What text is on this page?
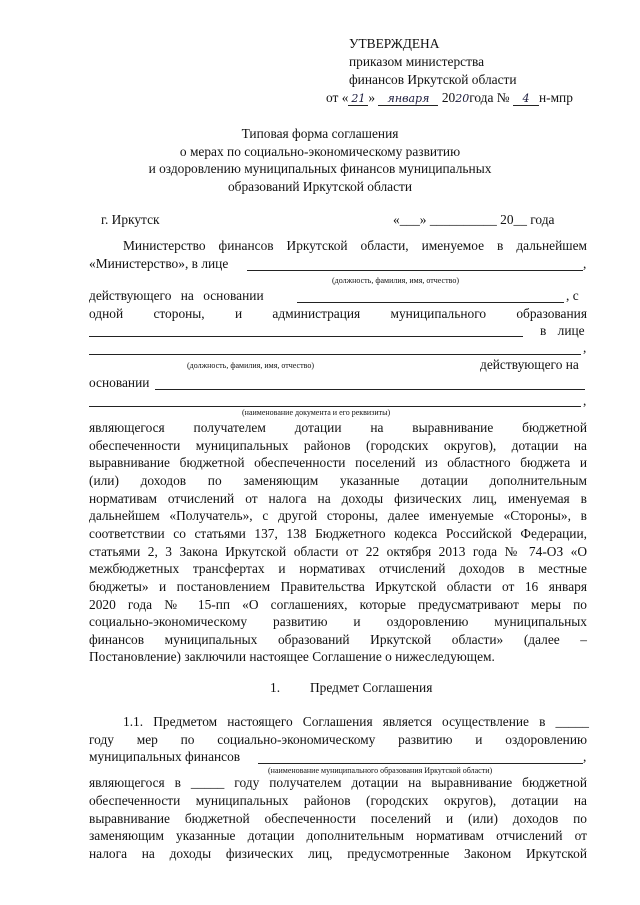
УТВЕРЖДЕНА
приказом министерства
финансов Иркутской области
от « 21 » января 2020года № 4 н-мпр
Типовая форма соглашения
о мерах по социально-экономическому развитию
и оздоровлению муниципальных финансов муниципальных
образований Иркутской области
г. Иркутск	«___» __________ 20__ года
Министерство финансов Иркутской области, именуемое в дальнейшем
«Министерство», в лице	,
(должность, фамилия, имя, отчество)
действующего на основании	, с
одной стороны, и администрация муниципального образования
в лице
,
(должность, фамилия, имя, отчество)	действующего на
основании
,
(наименование документа и его реквизиты)
являющегося получателем дотации на выравнивание бюджетной
обеспеченности муниципальных районов (городских округов), дотации на
выравнивание бюджетной обеспеченности поселений из областного бюджета и
(или) доходов по заменяющим указанные дотации дополнительным
нормативам отчислений от налога на доходы физических лиц, именуемая в
дальнейшем «Получатель», с другой стороны, далее именуемые «Стороны», в
соответствии со статьями 137, 138 Бюджетного кодекса Российской Федерации,
статьями 2, 3 Закона Иркутской области от 22 октября 2013 года № 74-ОЗ «О
межбюджетных трансфертах и нормативах отчислений доходов в местные
бюджеты» и постановлением Правительства Иркутской области от 16 января
2020 года № 15-пп «О соглашениях, которые предусматривают меры по
социально-экономическому развитию и оздоровлению муниципальных
финансов муниципальных образований Иркутской области» (далее –
Постановление) заключили настоящее Соглашение о нижеследующем.
1. Предмет Соглашения
1.1. Предметом настоящего Соглашения является осуществление в _____
году мер по социально-экономическому развитию и оздоровлению
муниципальных финансов	,
(наименование муниципального образования Иркутской области)
являющегося в _____ году получателем дотации на выравнивание бюджетной
обеспеченности муниципальных районов (городских округов), дотации на
выравнивание бюджетной обеспеченности поселений и (или) доходов по
заменяющим указанные дотации дополнительным нормативам отчислений от
налога на доходы физических лиц, предусмотренные Законом Иркутской
